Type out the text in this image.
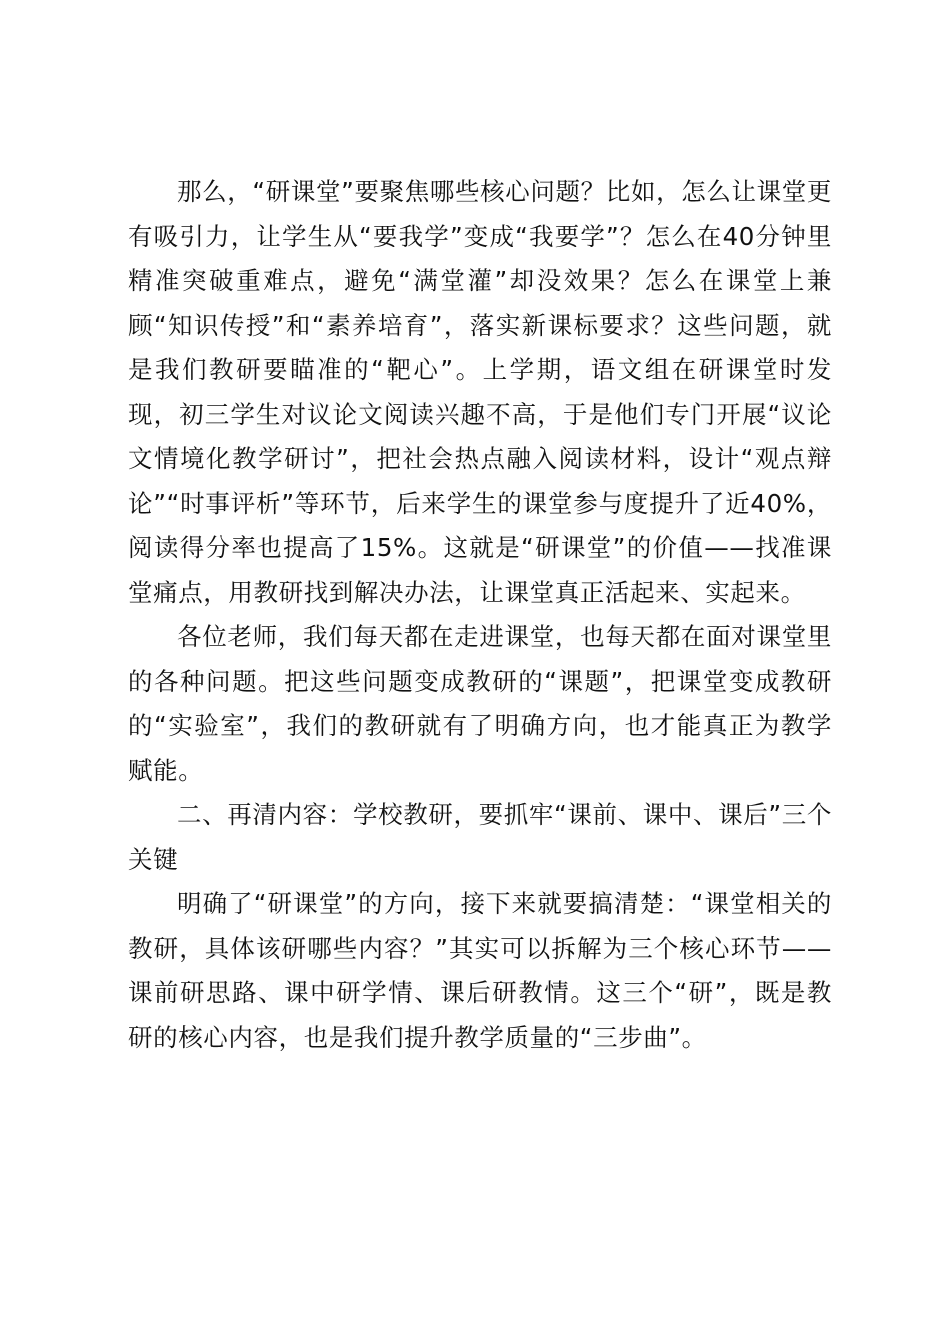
那么，“研课堂”要聚焦哪些核心问题？比如，怎么让课堂更有吸引力，让学生从“要我学”变成“我要学”？怎么在40分钟里精准突破重难点，避免“满堂灌”却没效果？怎么在课堂上兼顾“知识传授”和“素养培育”，落实新课标要求？这些问题，就是我们教研要瞄准的“靶心”。上学期，语文组在研课堂时发现，初三学生对议论文阅读兴趣不高，于是他们专门开展“议论文情境化教学研讨”，把社会热点融入阅读材料，设计“观点辩论”“时事评析”等环节，后来学生的课堂参与度提升了近40%，阅读得分率也提高了15%。这就是“研课堂”的价值——找准课堂痛点，用教研找到解决办法，让课堂真正活起来、实起来。

各位老师，我们每天都在走进课堂，也每天都在面对课堂里的各种问题。把这些问题变成教研的“课题”，把课堂变成教研的“实验室”，我们的教研就有了明确方向，也才能真正为教学赋能。

二、再清内容：学校教研，要抓牢“课前、课中、课后”三个关键

明确了“研课堂”的方向，接下来就要搞清楚：“课堂相关的教研，具体该研哪些内容？”其实可以拆解为三个核心环节——课前研思路、课中研学情、课后研教情。这三个“研”，既是教研的核心内容，也是我们提升教学质量的“三步曲”。
